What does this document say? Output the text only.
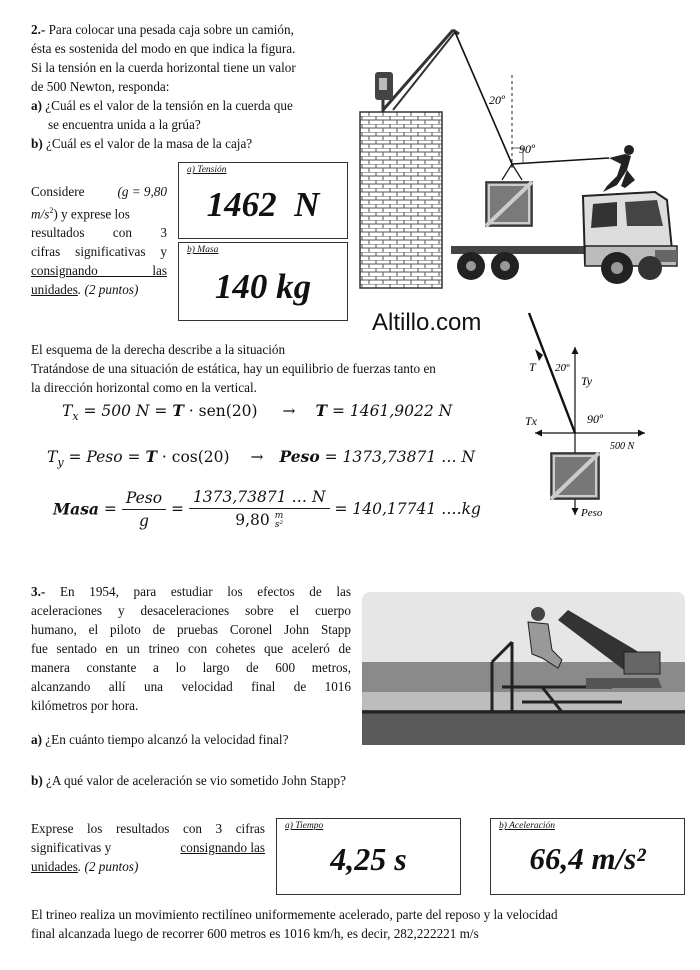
2.- Para colocar una pesada caja sobre un camión,
ésta es sostenida del modo en que indica la figura.
Si la tensión en la cuerda horizontal tiene un valor
de 500 Newton, responda:
a) ¿Cuál es el valor de la tensión en la cuerda que
se encuentra unida a la grúa?
b) ¿Cuál es el valor de la masa de la caja?
Considere (g = 9,80
$m/s^2$) y exprese los
resultados con 3
cifras significativas y
consignando las
unidades. (2 puntos)
a) Tensión
1462  N
b) Masa
140 kg
20º
90º
Altillo.com
El esquema de la derecha describe a la situación
Tratándose de una situación de estática, hay un equilibrio de fuerzas tanto en
la dirección horizontal como en la vertical.
$T_x = 500$ N = T · sen(20) → T = 1461,9022 N
$T_y$ = Peso = T · cos(20) → Peso = 1373,73871 … N
Masa = $\frac{\text{Peso}}{g}$ =
1373,73871 … N
9,80 m
s²
= 140,17741 ….kg
T 20º
Ty
Tx	90º
500 N
Peso
3.- En 1954, para estudiar los efectos de las
aceleraciones y desaceleraciones sobre el cuerpo
humano, el piloto de pruebas Coronel John Stapp
fue sentado en un trineo con cohetes que aceleró de
manera constante a lo largo de 600 metros,
alcanzando allí una velocidad final de 1016
kilómetros por hora.
a) ¿En cuánto tiempo alcanzó la velocidad final?
b) ¿A qué valor de aceleración se vio sometido John Stapp?
Exprese los resultados con 3 cifras
significativas y	consignando las
unidades. (2 puntos)
a) Tiempo
4,25 s
b) Aceleración
66,4 m/s²
El trineo realiza un movimiento rectilíneo uniformemente acelerado, parte del reposo y la velocidad
final alcanzada luego de recorrer 600 metros es 1016 km/h, es decir, 282,222221 m/s
